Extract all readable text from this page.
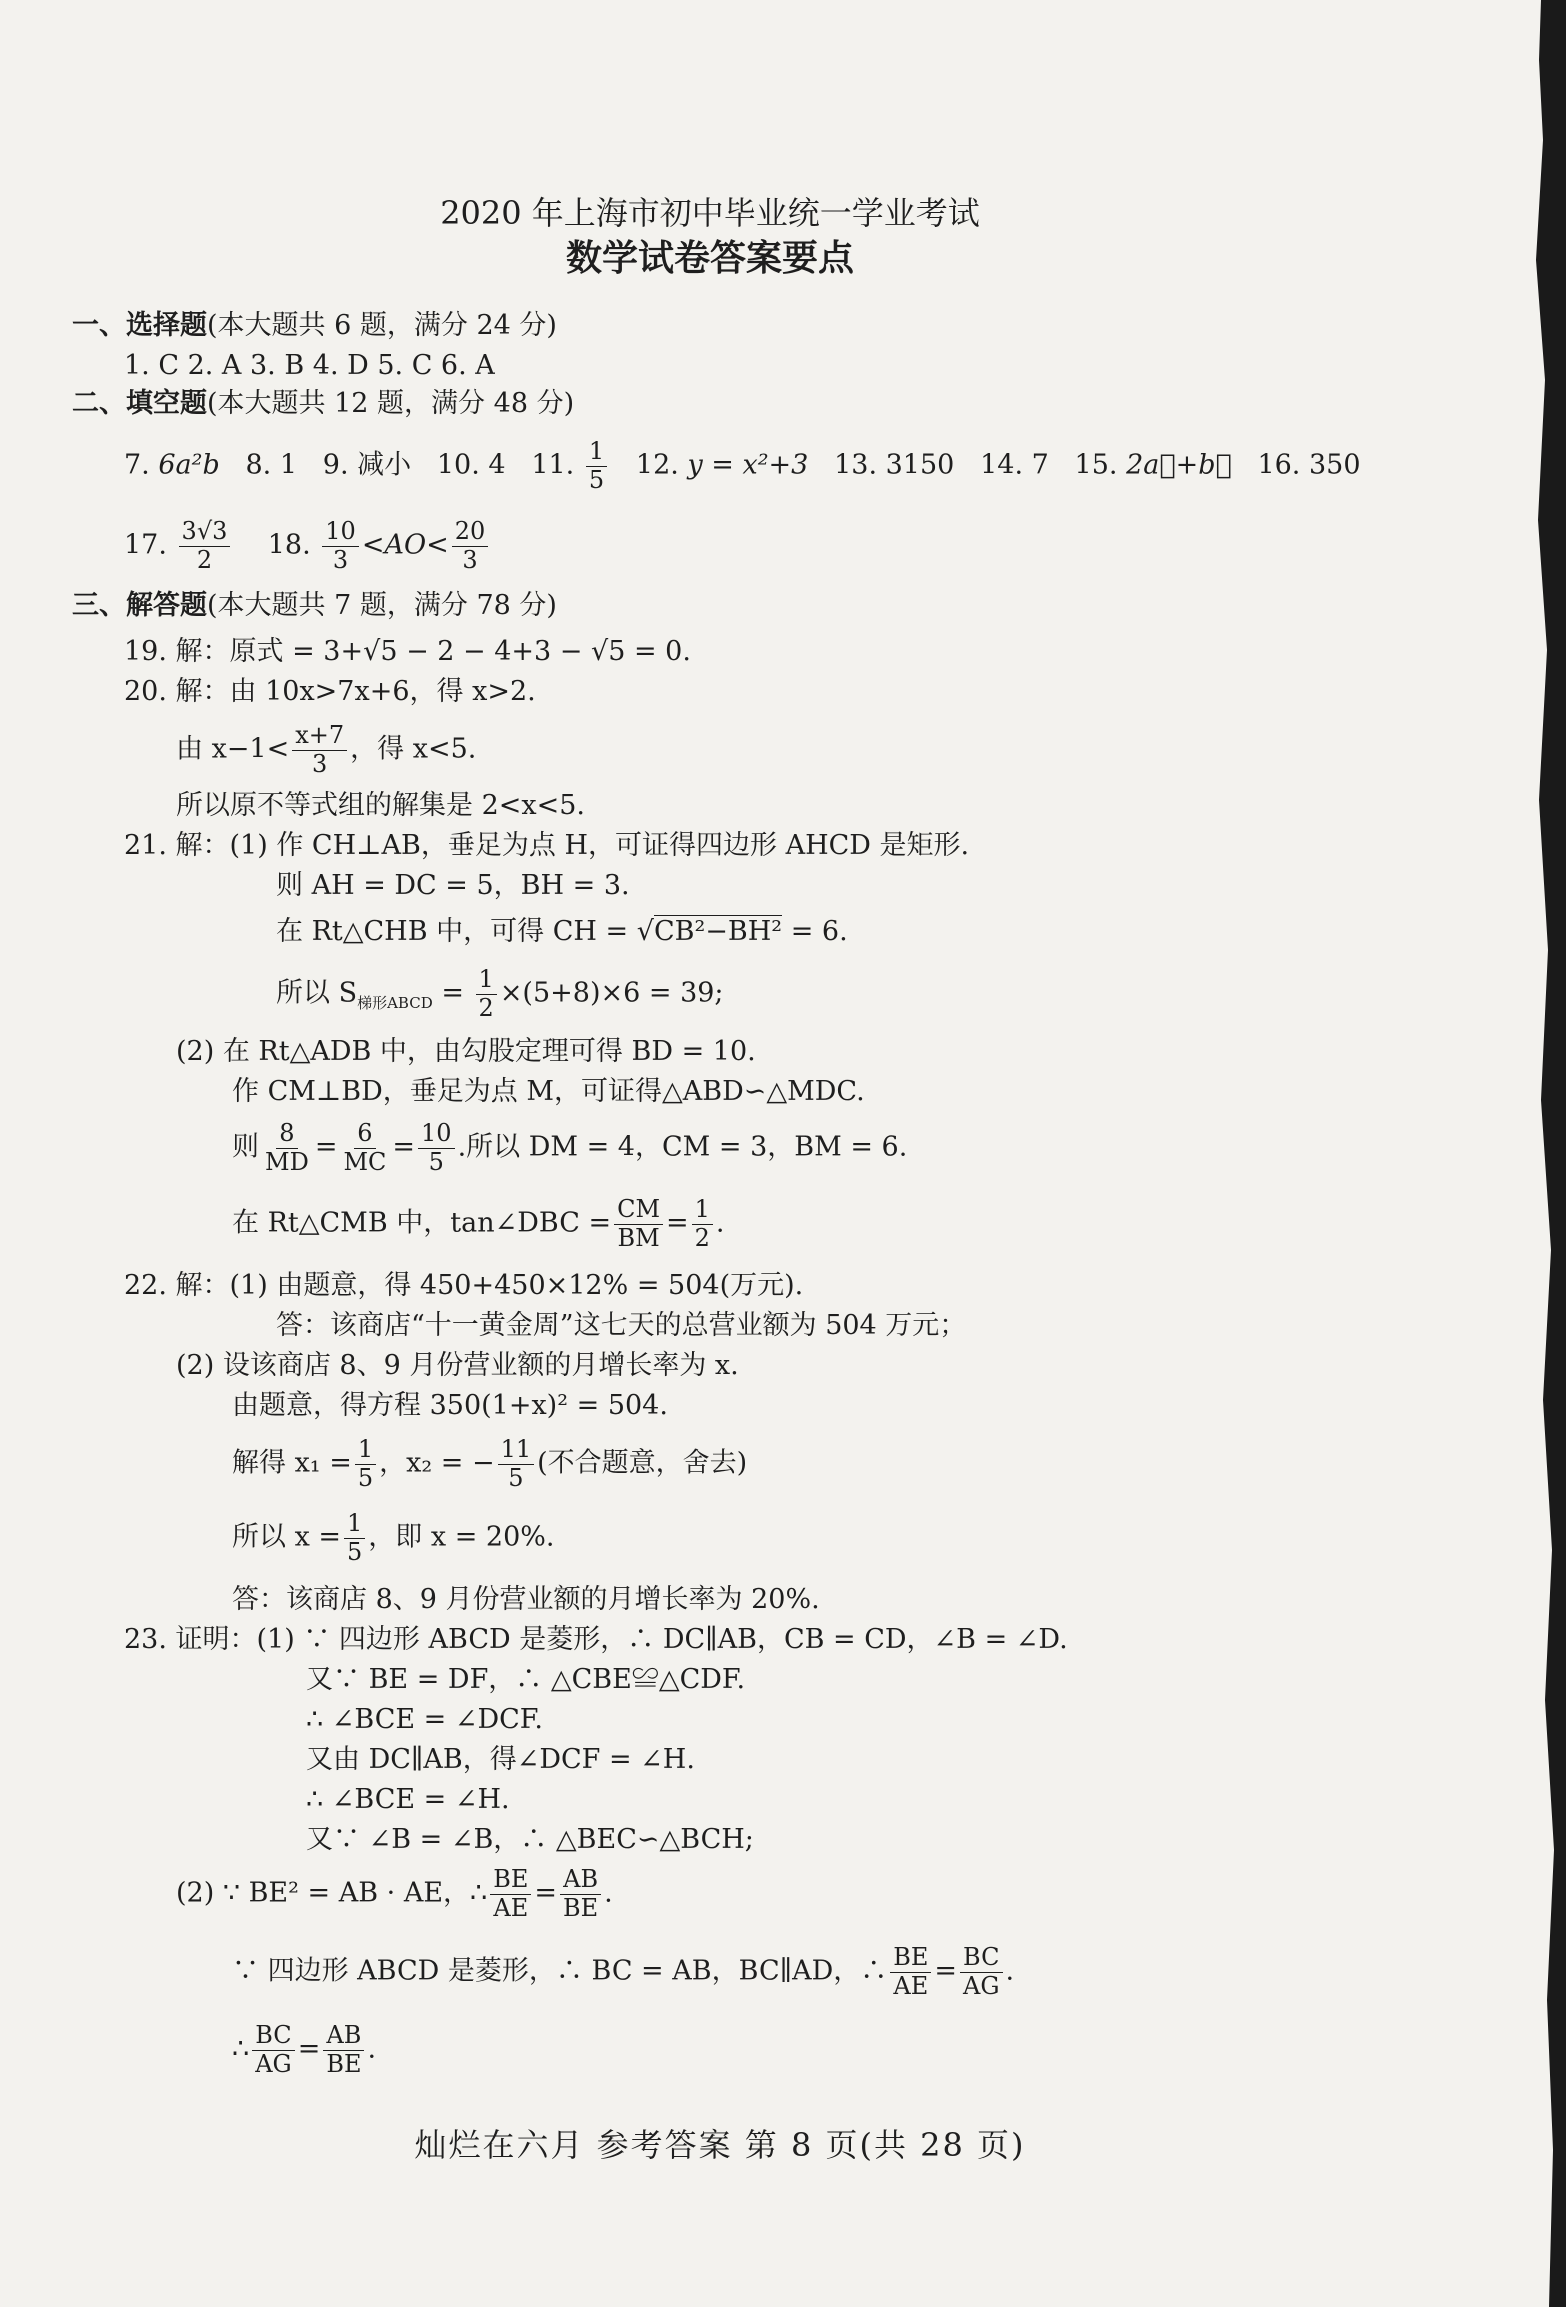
2020 年上海市初中毕业统一学业考试
数学试卷答案要点
一、选择题(本大题共 6 题，满分 24 分)
1. C 2. A 3. B 4. D 5. C 6. A
二、填空题(本大题共 12 题，满分 48 分)
7. 6a²b 8. 1 9. 减小 10. 4 11. $\frac{1}{5} 12$. y = x²+3 13. 3150 14. 7 15. 2a⃗+b⃗ 16. 350
17. $\frac{3√3}{2} 18$. $\frac{10}{3} <AO< \frac{20}{3}$
三、解答题(本大题共 7 题，满分 78 分)
19. 解：原式 = 3+√5 − 2 − 4+3 − √5 = 0.
20. 解：由 10x>7x+6，得 x>2.
由 $x-1< \frac{x+7}{3}$ ，得 x<5.
所以原不等式组的解集是 2<x<5.
21. 解：(1) 作 CH⊥AB，垂足为点 H，可证得四边形 AHCD 是矩形.
则 AH = DC = 5，BH = 3.
在 Rt△CHB 中，可得 CH = √CB²−BH² = 6.
所以 $S_{梯形ABCD} = \frac{1}{2} \times(5+8)\times 6 = 39$;
(2) 在 Rt△ADB 中，由勾股定理可得 BD = 10.
作 CM⊥BD，垂足为点 M，可证得△ABD∽△MDC.
则 $\frac{8}{MD} = \frac{6}{MC} = \frac{10}{5}$ .所以 DM = 4，CM = 3，BM = 6.
在 Rt△CMB 中，tan∠DBC = $\frac{CM}{BM} = \frac{1}{2}$ .
22. 解：(1) 由题意，得 450+450×12% = 504(万元).
答：该商店“十一黄金周”这七天的总营业额为 504 万元；
(2) 设该商店 8、9 月份营业额的月增长率为 x.
由题意，得方程 350(1+x)² = 504.
解得 $x_1 = \frac{1}{5}$ ，x₂ = − $\frac{11}{5}$ (不合题意，舍去)
所以 $x = \frac{1}{5}$ ，即 x = 20%.
答：该商店 8、9 月份营业额的月增长率为 20%.
23. 证明：(1) ∵ 四边形 ABCD 是菱形，∴ DC∥AB，CB = CD，∠B = ∠D.
又∵ BE = DF，∴ △CBE≌△CDF.
∴ ∠BCE = ∠DCF.
又由 DC∥AB，得∠DCF = ∠H.
∴ ∠BCE = ∠H.
又∵ ∠B = ∠B，∴ △BEC∽△BCH;
(2) ∵ BE² = AB · AE，∴ $\frac{BE}{AE} = \frac{AB}{BE}$ .
∵ 四边形 ABCD 是菱形，∴ BC = AB，BC∥AD，∴ $\frac{BE}{AE} = \frac{BC}{AG}$ .
∴ $\frac{BC}{AG} = \frac{AB}{BE}$ .
灿烂在六月 参考答案 第 8 页(共 28 页)
